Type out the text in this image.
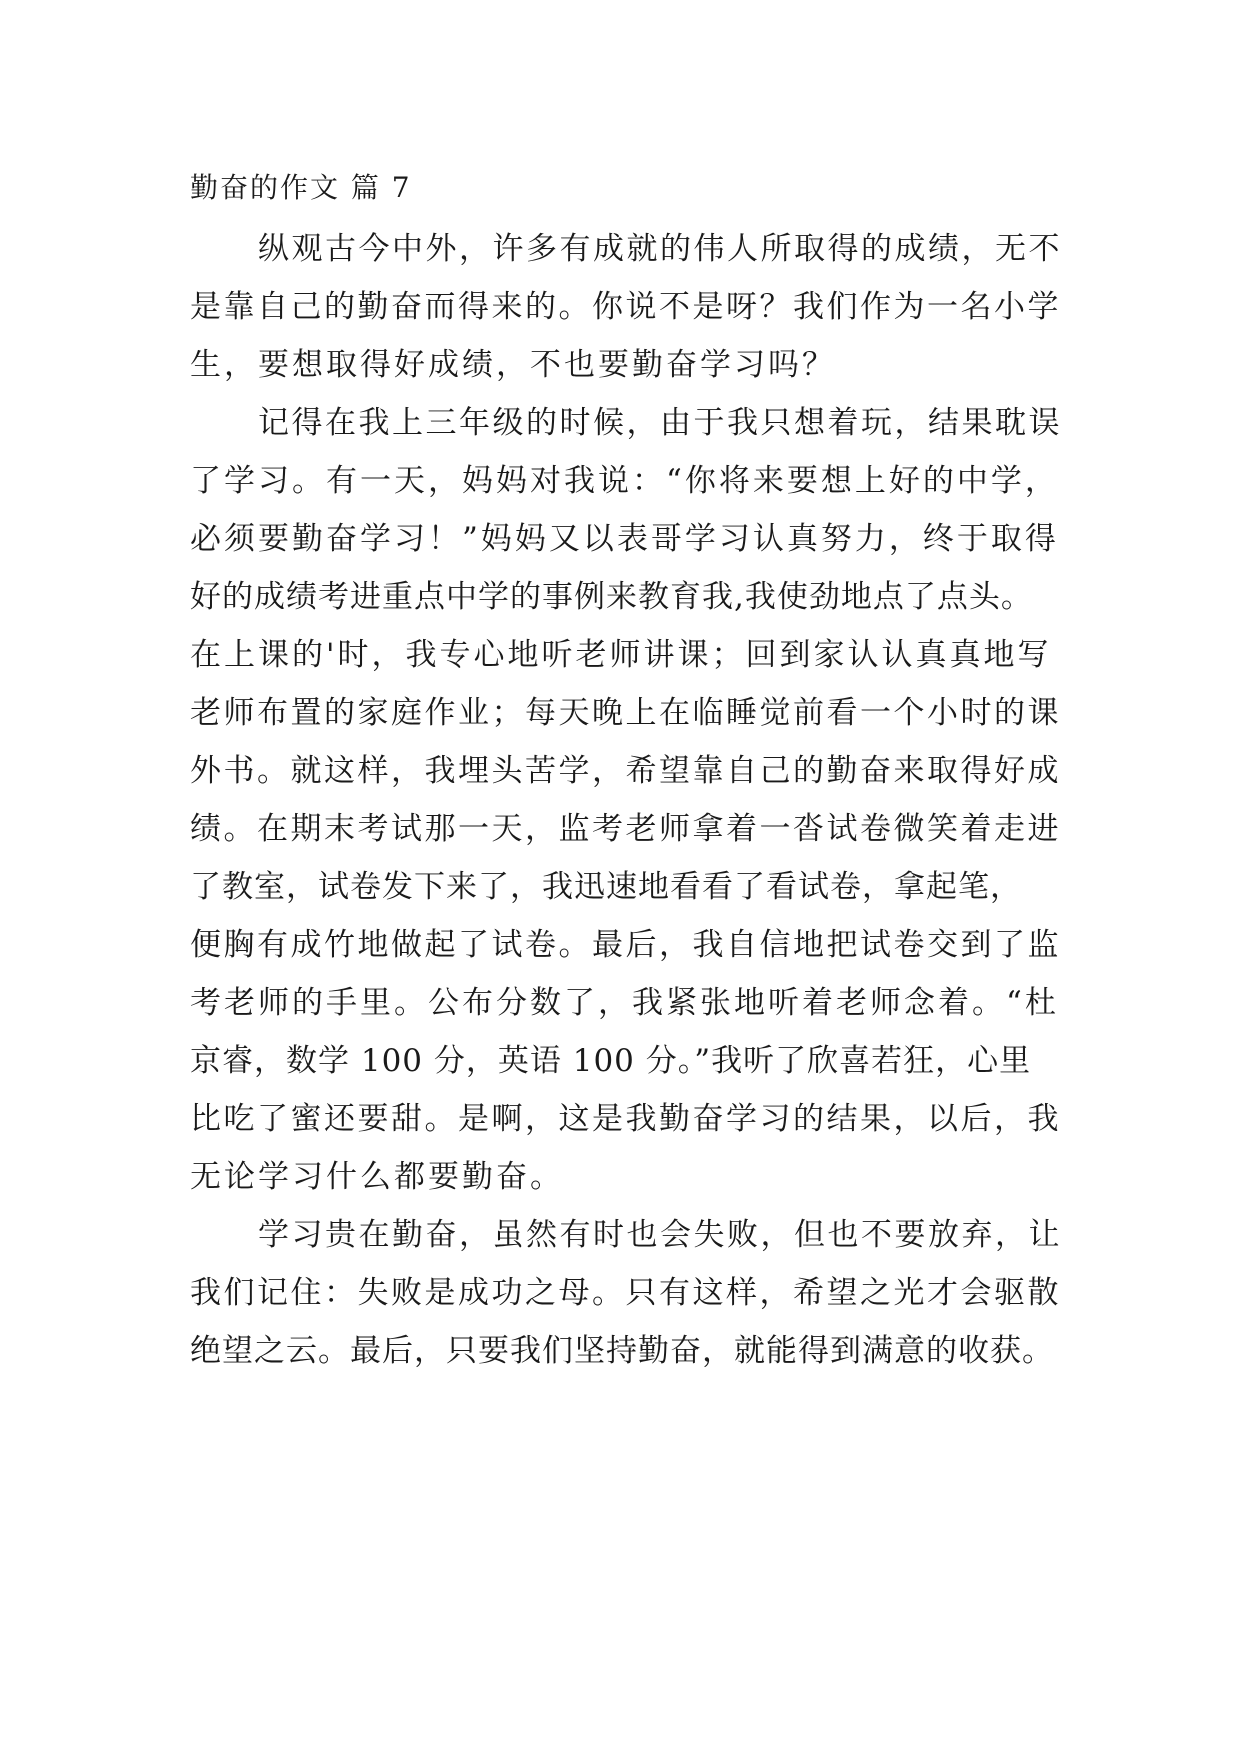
勤奋的作文 篇 7
纵观古今中外，许多有成就的伟人所取得的成绩，无不
是靠自己的勤奋而得来的。你说不是呀？我们作为一名小学
生，要想取得好成绩，不也要勤奋学习吗？
记得在我上三年级的时候，由于我只想着玩，结果耽误
了学习。有一天，妈妈对我说：“你将来要想上好的中学，
必须要勤奋学习！”妈妈又以表哥学习认真努力，终于取得
好的成绩考进重点中学的事例来教育我,我使劲地点了点头。
在上课的'时，我专心地听老师讲课；回到家认认真真地写
老师布置的家庭作业；每天晚上在临睡觉前看一个小时的课
外书。就这样，我埋头苦学，希望靠自己的勤奋来取得好成
绩。在期末考试那一天，监考老师拿着一沓试卷微笑着走进
了教室，试卷发下来了，我迅速地看看了看试卷，拿起笔，
便胸有成竹地做起了试卷。最后，我自信地把试卷交到了监
考老师的手里。公布分数了，我紧张地听着老师念着。“杜
京睿，数学 100 分，英语 100 分。”我听了欣喜若狂，心里
比吃了蜜还要甜。是啊，这是我勤奋学习的结果，以后，我
无论学习什么都要勤奋。
学习贵在勤奋，虽然有时也会失败，但也不要放弃，让
我们记住：失败是成功之母。只有这样，希望之光才会驱散
绝望之云。最后，只要我们坚持勤奋，就能得到满意的收获。
